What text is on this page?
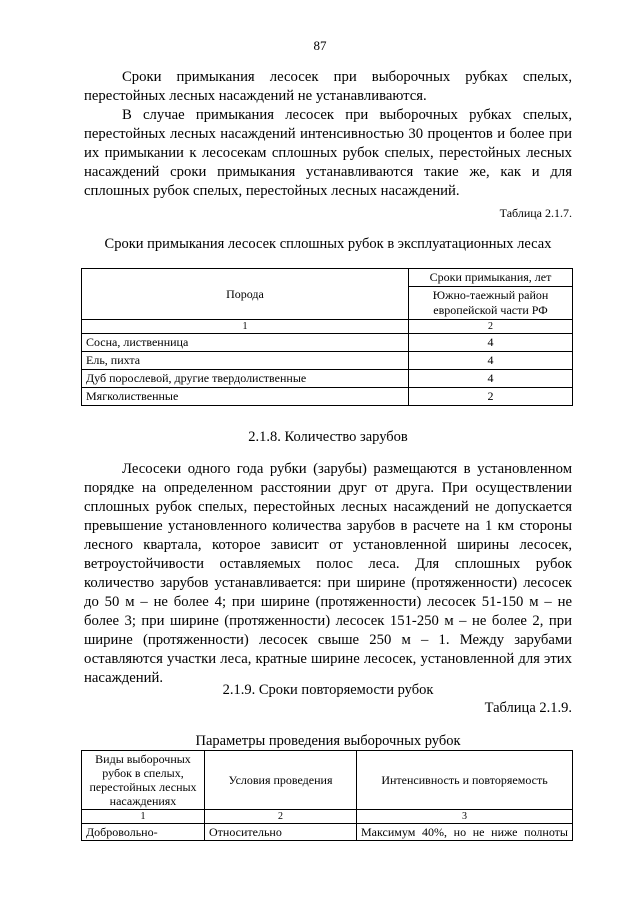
87

Сроки примыкания лесосек при выборочных рубках спелых, перестойных лесных насаждений не устанавливаются.

В случае примыкания лесосек при выборочных рубках спелых, перестойных лесных насаждений интенсивностью 30 процентов и более при их примыкании к лесосекам сплошных рубок спелых, перестойных лесных насаждений сроки примыкания устанавливаются такие же, как и для сплошных рубок спелых, перестойных лесных насаждений.

Таблица 2.1.7.
Сроки примыкания лесосек сплошных рубок в эксплуатационных лесах
Порода	Сроки примыкания, лет
	Южно-таежный район европейской части РФ
1	2
Сосна, лиственница	4
Ель, пихта	4
Дуб порослевой, другие твердолиственные	4
Мягколиственные	2
2.1.8. Количество зарубов

Лесосеки одного года рубки (зарубы) размещаются в установленном порядке на определенном расстоянии друг от друга. При осуществлении сплошных рубок спелых, перестойных лесных насаждений не допускается превышение установленного количества зарубов в расчете на 1 км стороны лесного квартала, которое зависит от установленной ширины лесосек, ветроустойчивости оставляемых полос леса. Для сплошных рубок количество зарубов устанавливается: при ширине (протяженности) лесосек до 50 м – не более 4; при ширине (протяженности) лесосек 51-150 м – не более 3; при ширине (протяженности) лесосек 151-250 м – не более 2, при ширине (протяженности) лесосек свыше 250 м – 1. Между зарубами оставляются участки леса, кратные ширине лесосек, установленной для этих насаждений.

2.1.9. Сроки повторяемости рубок
Таблица 2.1.9.
Параметры проведения выборочных рубок
Виды выборочных рубок в спелых, перестойных лесных насаждениях	Условия проведения	Интенсивность и повторяемость
1	2	3
Добровольно-	Относительно	Максимум 40%, но не ниже полноты
